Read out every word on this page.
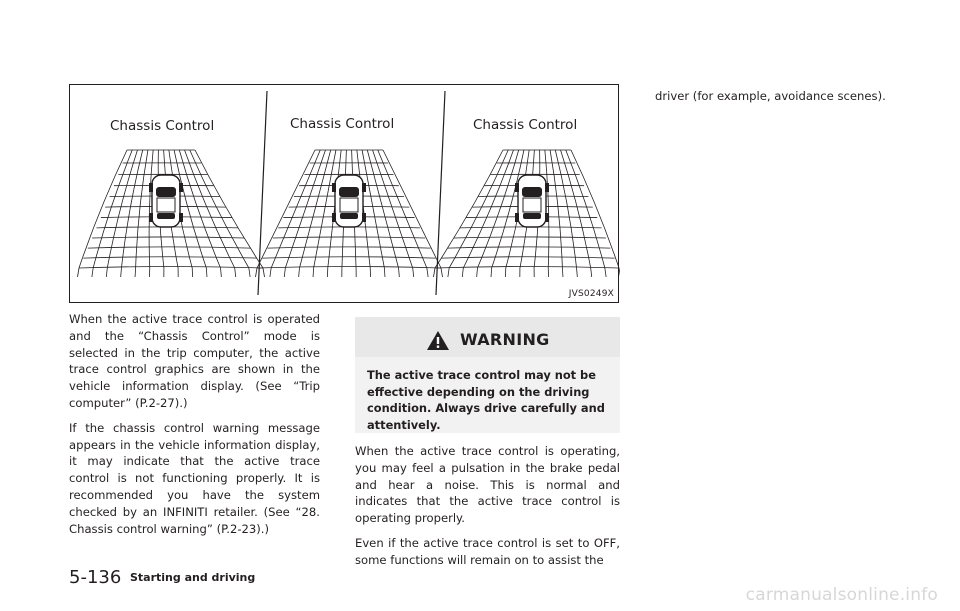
Chassis Control	Chassis Control	Chassis Control
JVS0249X

When the active trace control is operated and the “Chassis Control” mode is selected in the trip computer, the active trace control graphics are shown in the vehicle information display. (See “Trip computer” (P.2-27).)

If the chassis control warning message appears in the vehicle information display, it may indicate that the active trace control is not functioning properly. It is recommended you have the system checked by an INFINITI retailer. (See “28. Chassis control warning” (P.2-23).)

WARNING
The active trace control may not be effective depending on the driving condition. Always drive carefully and attentively.

When the active trace control is operating, you may feel a pulsation in the brake pedal and hear a noise. This is normal and indicates that the active trace control is operating properly.

Even if the active trace control is set to OFF, some functions will remain on to assist the

driver (for example, avoidance scenes).

5-136 Starting and driving
carmanualsonline.info
